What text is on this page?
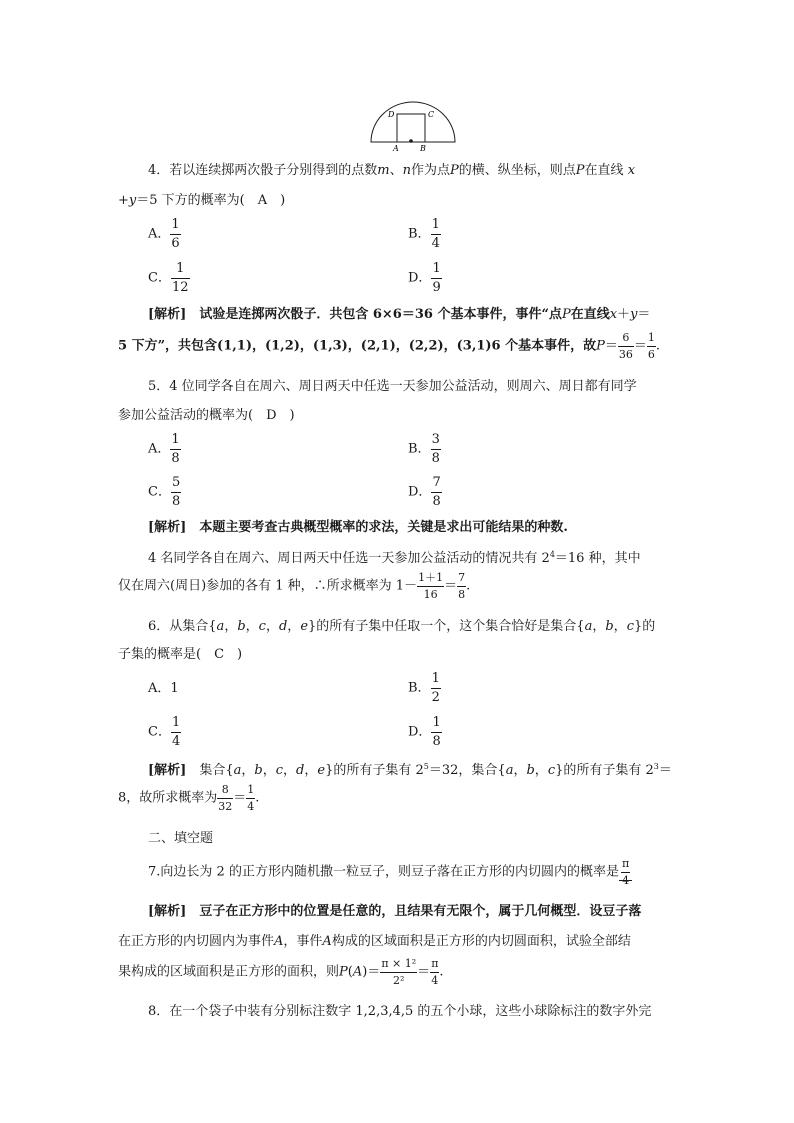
D	C
A	B
4．若以连续掷两次骰子分别得到的点数m、n作为点P的横、纵坐标，则点P在直线 x
+y＝5 下方的概率为(　A　)
A． $\frac{1}{6}$	B． $\frac{1}{4}$
C． $\frac{1}{12}$	D． $\frac{1}{9}$
[解析]　 试验是连掷两次骰子．共包含 6×6＝36 个基本事件，事件“点P在直线x＋y＝
5 下方”，共包含(1,1)，(1,2)，(1,3)，(2,1)，(2,2)，(3,1)6 个基本事件，故$P= \frac{6}{36} = \frac{1}{6}$ .
5．4 位同学各自在周六、周日两天中任选一天参加公益活动，则周六、周日都有同学
参加公益活动的概率为(　D　)
A． $\frac{1}{8}$	B． $\frac{3}{8}$
C． $\frac{5}{8}$	D． $\frac{7}{8}$
[解析]　 本题主要考查古典概型概率的求法，关键是求出可能结果的种数.
4 名同学各自在周六、周日两天中任选一天参加公益活动的情况共有 $2^4=16$ 种，其中
仅在周六(周日)参加的各有 1 种，∴所求概率为 $1- \frac{1+1}{16} = \frac{7}{8}$ .
6．从集合{a，b，c，d，e}的所有子集中任取一个，这个集合恰好是集合{a，b，c}的
子集的概率是(　C　)
A．1	B． $\frac{1}{2}$
C． $\frac{1}{4}$	D． $\frac{1}{8}$
[解析]　 集合{a，b，c，d，e}的所有子集有 $2^5=32$，集合{a，b，c}的所有子集有 $2^3=$
8，故所求概率为 $\frac{8}{32} = \frac{1}{4}$ .
二、填空题
7.向边长为 2 的正方形内随机撒一粒豆子，则豆子落在正方形的内切圆内的概率是 $\frac{\pi}{4}$
[解析]　 豆子在正方形中的位置是任意的，且结果有无限个，属于几何概型．设豆子落
在正方形的内切圆内为事件A，事件A构成的区域面积是正方形的内切圆面积，试验全部结
果构成的区域面积是正方形的面积，则$P(A)= \frac{\text{π × 1²}}{\text{2²}} = \frac{\pi}{4}$ .
8．在一个袋子中装有分别标注数字 1,2,3,4,5 的五个小球，这些小球除标注的数字外完
